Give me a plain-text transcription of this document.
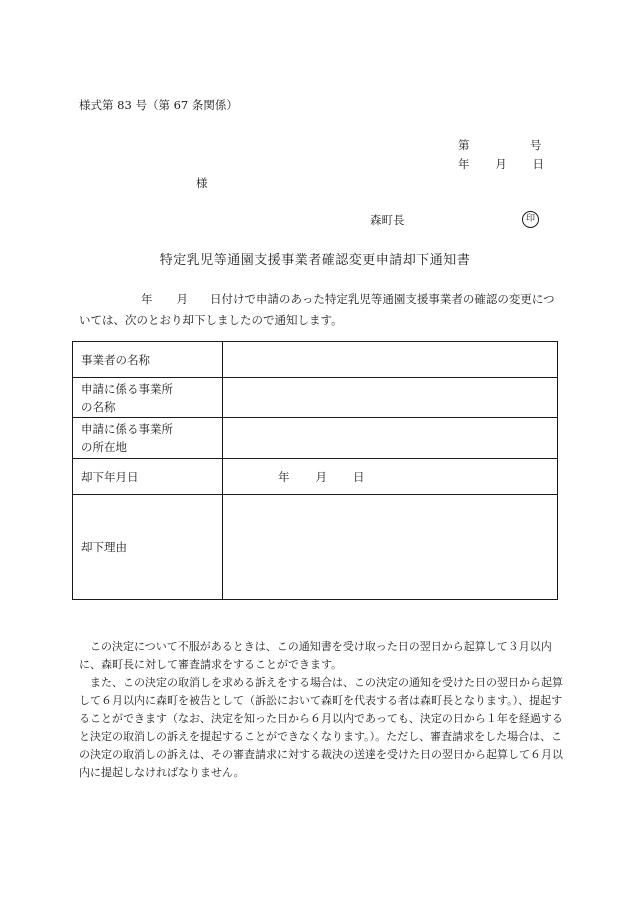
様式第 83 号（第 67 条関係）
第	号
年 月 日
様
森町長	印
特定乳児等通園支援事業者確認変更申請却下通知書
年 月 日付けで申請のあった特定乳児等通園支援事業者の確認の変更については、次のとおり却下しましたので通知します。
事業者の名称	
申請に係る事業所
の名称	
申請に係る事業所
の所在地	
却下年月日	年 月 日
却下理由	

この決定について不服があるときは、この通知書を受け取った日の翌日から起算して３月以内に、森町長に対して審査請求をすることができます。

また、この決定の取消しを求める訴えをする場合は、この決定の通知を受けた日の翌日から起算して６月以内に森町を被告として（訴訟において森町を代表する者は森町長となります。）、提起することができます（なお、決定を知った日から６月以内であっても、決定の日から１年を経過すると決定の取消しの訴えを提起することができなくなります。）。ただし、審査請求をした場合は、この決定の取消しの訴えは、その審査請求に対する裁決の送達を受けた日の翌日から起算して６月以内に提起しなければなりません。
